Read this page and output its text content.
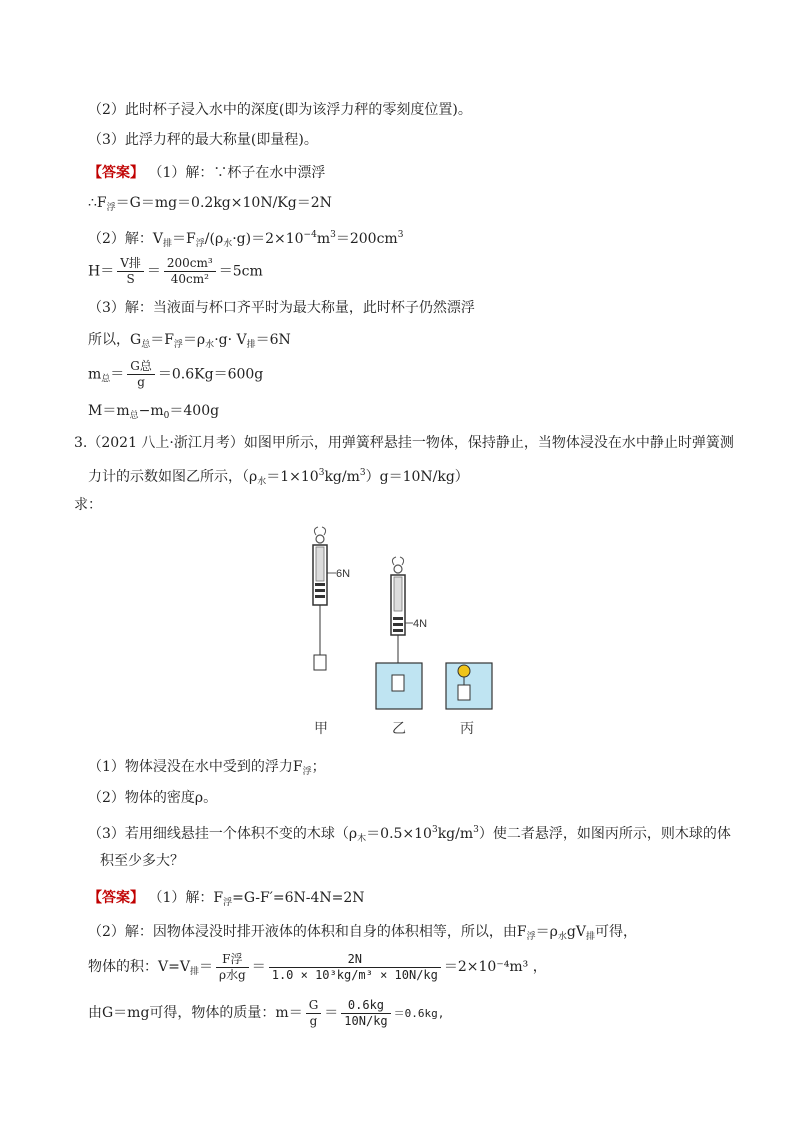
（2）此时杯子浸入水中的深度(即为该浮力秤的零刻度位置)。
（3）此浮力秤的最大称量(即量程)。
【答案】 （1）解：∵杯子在水中漂浮
$\therefore F_浮=G=mg=0.2kg\times 10N/Kg=2N$
（2）解：$V_排=F_浮/(\rho_水\cdot g)=2\times 10^{-4}m^3=200cm^3$
$H= \frac{\text{V排}}{S} = \frac{\text{200cm³}}{\text{40cm²}} =5cm$
（3）解：当液面与杯口齐平时为最大称量，此时杯子仍然漂浮
所以，$G_总=F_浮=\rho_水\cdot g\cdot V_排=6N$
$m_总= \frac{\text{G总}}{g} =0.6Kg=600g$
$M=m_总-m_0=400g$
3.（2021 八上·浙江月考）如图甲所示，用弹簧秤悬挂一物体，保持静止，当物体浸没在水中静止时弹簧测
力计的示数如图乙所示，$(\rho_水=1\times 10^3kg/m^3)g=10N/kg$）
求：
6N
4N
甲	乙	丙
（1）物体浸没在水中受到的浮力$F_浮$；
（2）物体的密度ρ。
（3）若用细线悬挂一个体积不变的木球$(\rho_木=0.5\times 10^3kg/m^3)$使二者悬浮，如图丙所示，则木球的体
积至少多大？
【答案】 （1）解：$F_浮=G-F'=6N-4N=2N$
（2）解：因物体浸没时排开液体的体积和自身的体积相等，所以，由$F_浮=\rho_水gV_排$可得，
物体的积：$V=V_排= \frac{\text{F浮}}{\text{ρ水g}} = \frac{2N}{\text{1.0 × 10³kg/m³ × 10N/kg}} =2\times 10^{-4}m^3$ ，
由G＝mg可得，物体的质量：$m= \frac{G}{g} = \frac{0.6kg}{10N/kg} =0.6kg$,
